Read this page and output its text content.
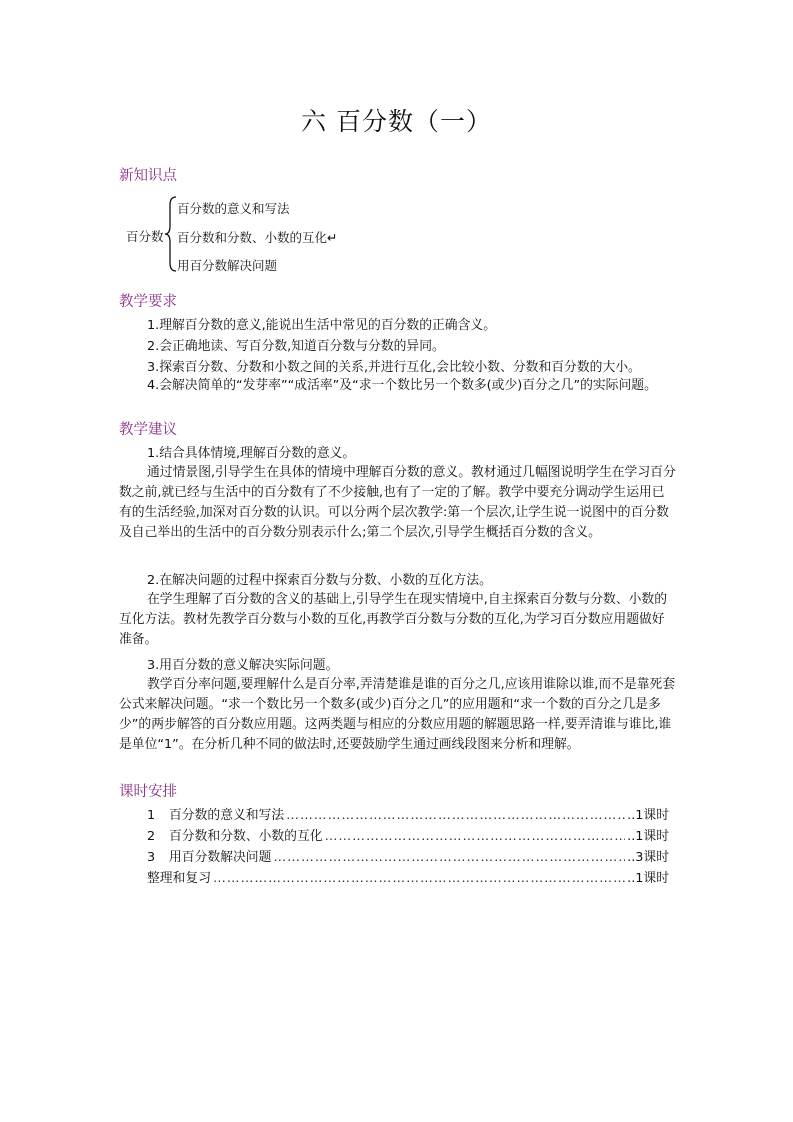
六 百分数（一）
新知识点
百分数
百分数的意义和写法
百分数和分数、小数的互化↵
用百分数解决问题
教学要求
1.理解百分数的意义,能说出生活中常见的百分数的正确含义。
2.会正确地读、写百分数,知道百分数与分数的异同。
3.探索百分数、分数和小数之间的关系,并进行互化,会比较小数、分数和百分数的大小。
4.会解决简单的“发芽率”“成活率”及“求一个数比另一个数多(或少)百分之几”的实际问题。
教学建议
1.结合具体情境,理解百分数的意义。
通过情景图,引导学生在具体的情境中理解百分数的意义。教材通过几幅图说明学生在学习百分数之前,就已经与生活中的百分数有了不少接触,也有了一定的了解。教学中要充分调动学生运用已有的生活经验,加深对百分数的认识。可以分两个层次教学:第一个层次,让学生说一说图中的百分数及自己举出的生活中的百分数分别表示什么;第二个层次,引导学生概括百分数的含义。
2.在解决问题的过程中探索百分数与分数、小数的互化方法。
在学生理解了百分数的含义的基础上,引导学生在现实情境中,自主探索百分数与分数、小数的互化方法。教材先教学百分数与小数的互化,再教学百分数与分数的互化,为学习百分数应用题做好准备。
3.用百分数的意义解决实际问题。
教学百分率问题,要理解什么是百分率,弄清楚谁是谁的百分之几,应该用谁除以谁,而不是靠死套公式来解决问题。“求一个数比另一个数多(或少)百分之几”的应用题和“求一个数的百分之几是多少”的两步解答的百分数应用题。这两类题与相应的分数应用题的解题思路一样,要弄清谁与谁比,谁是单位“1”。在分析几种不同的做法时,还要鼓励学生通过画线段图来分析和理解。
课时安排
1	百分数的意义和写法 ……………………………………………………………………………………………………………………	..1课时
2	百分数和分数、小数的互化 ……………………………………………………………………………………………………………………	..1课时
3	用百分数解决问题 ……………………………………………………………………………………………………………………	..3课时
整理和复习 ……………………………………………………………………………………………………………………	..1课时
